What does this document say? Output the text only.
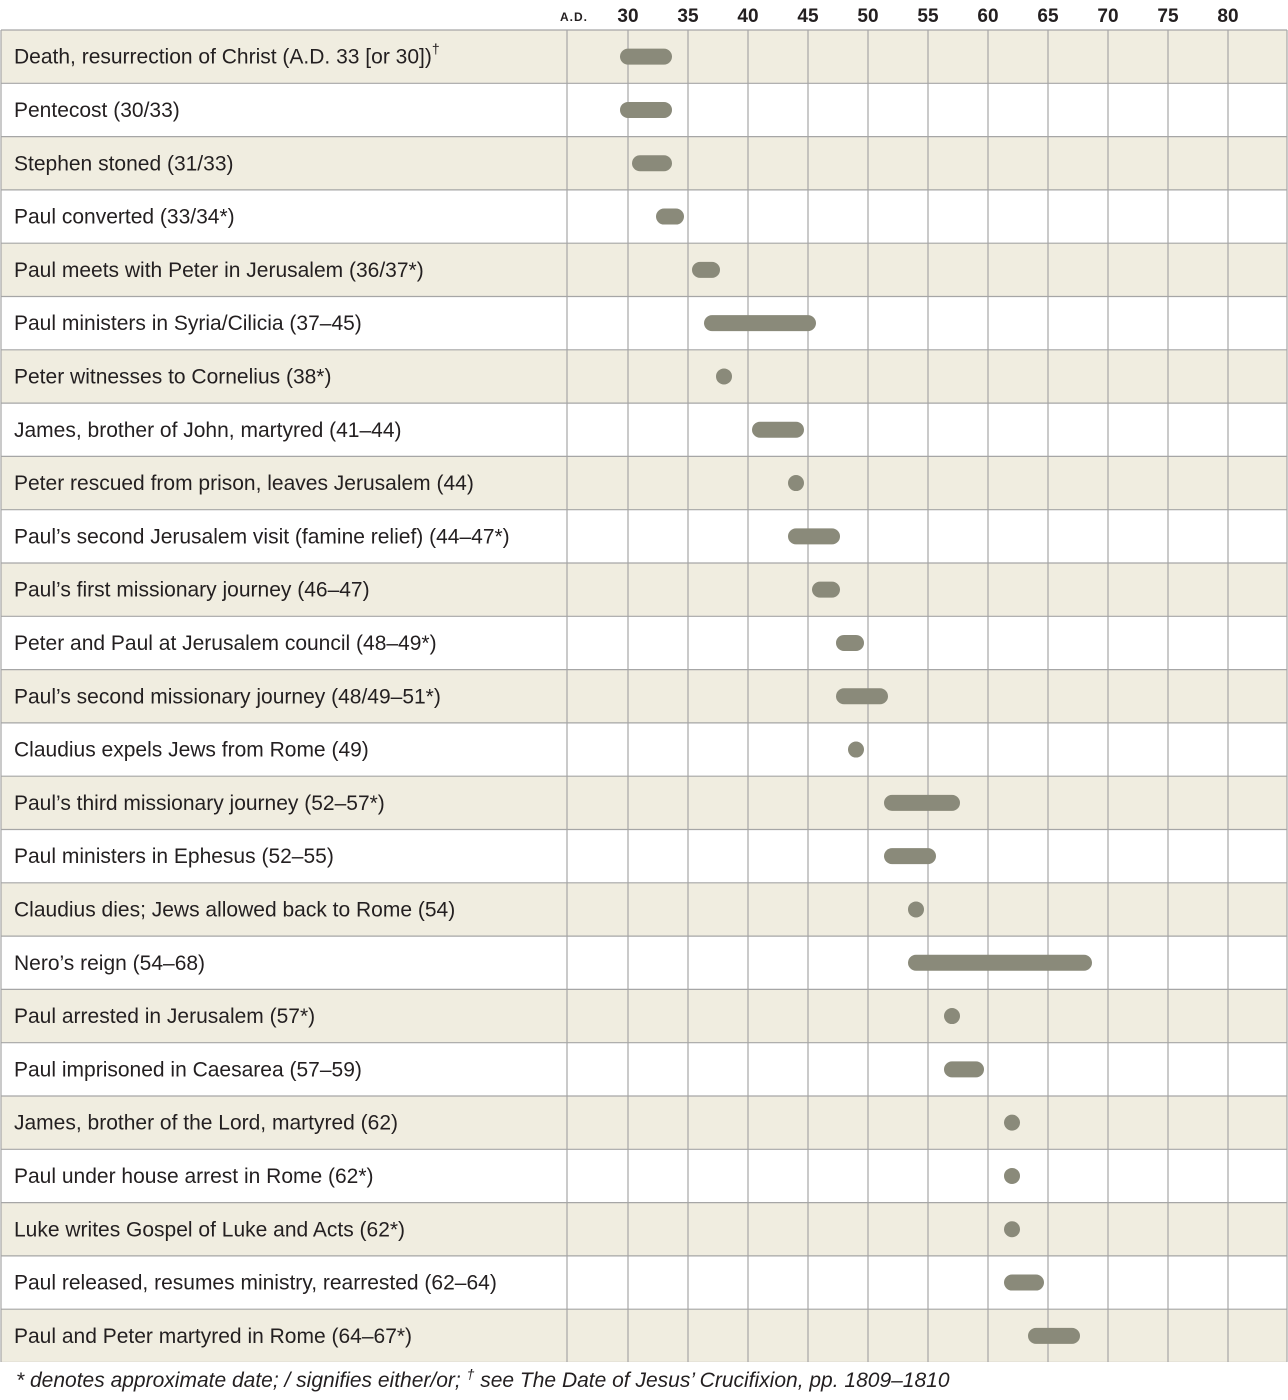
Death, resurrection of Christ (A.D. 33 [or 30])†
Pentecost (30/33)
Stephen stoned (31/33)
Paul converted (33/34*)
Paul meets with Peter in Jerusalem (36/37*)
Paul ministers in Syria/Cilicia (37–45)
Peter witnesses to Cornelius (38*)
James, brother of John, martyred (41–44)
Peter rescued from prison, leaves Jerusalem (44)
Paul’s second Jerusalem visit (famine relief) (44–47*)
Paul’s first missionary journey (46–47)
Peter and Paul at Jerusalem council (48–49*)
Paul’s second missionary journey (48/49–51*)
Claudius expels Jews from Rome (49)
Paul’s third missionary journey (52–57*)
Paul ministers in Ephesus (52–55)
Claudius dies; Jews allowed back to Rome (54)
Nero’s reign (54–68)
Paul arrested in Jerusalem (57*)
Paul imprisoned in Caesarea (57–59)
James, brother of the Lord, martyred (62)
Paul under house arrest in Rome (62*)
Luke writes Gospel of Luke and Acts (62*)
Paul released, resumes ministry, rearrested (62–64)
Paul and Peter martyred in Rome (64–67*)
A.D. 30 35 40 45 50 55 60 65 70 75 80
* denotes approximate date; / signifies either/or; † see The Date of Jesus’ Crucifixion, pp. 1809–1810
